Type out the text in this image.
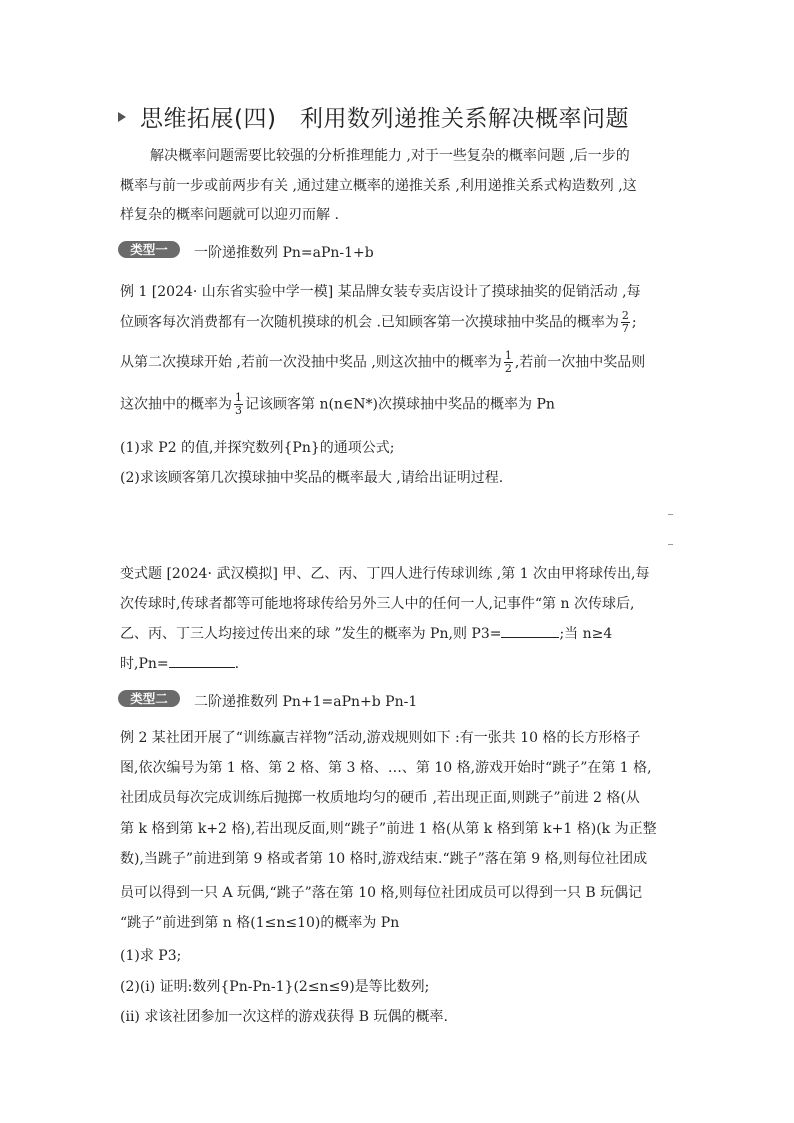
思维拓展(四)　利用数列递推关系解决概率问题
解决概率问题需要比较强的分析推理能力 ,对于一些复杂的概率问题 ,后一步的
概率与前一步或前两步有关 ,通过建立概率的递推关系 ,利用递推关系式构造数列 ,这
样复杂的概率问题就可以迎刃而解 .
类型一	一阶递推数列 Pn=aPn-1+b
例 1 [2024· 山东省实验中学一模] 某品牌女装专卖店设计了摸球抽奖的促销活动 ,每
位顾客每次消费都有一次随机摸球的机会 .已知顾客第一次摸球抽中奖品的概率为 $\frac{2}{7}$ ;
从第二次摸球开始 ,若前一次没抽中奖品 ,则这次抽中的概率为 $\frac{1}{2}$ ,若前一次抽中奖品则
这次抽中的概率为 $\frac{1}{3}$ 记该顾客第 n(n∈N*)次摸球抽中奖品的概率为 Pn
(1)求 P2 的值,并探究数列{Pn}的通项公式;
(2)求该顾客第几次摸球抽中奖品的概率最大 ,请给出证明过程.
变式题 [2024· 武汉模拟] 甲、乙、丙、丁四人进行传球训练 ,第 1 次由甲将球传出,每
次传球时,传球者都等可能地将球传给另外三人中的任何一人,记事件“第 n 次传球后,
乙、丙、丁三人均接过传出来的球 ”发生的概率为 Pn,则 P3=	;当 n≥4
时,Pn=	.
类型二	二阶递推数列 Pn+1=aPn+b Pn-1
例 2 某社团开展了“训练赢吉祥物”活动,游戏规则如下 :有一张共 10 格的长方形格子
图,依次编号为第 1 格、第 2 格、第 3 格、…、第 10 格,游戏开始时“跳子”在第 1 格,
社团成员每次完成训练后抛掷一枚质地均匀的硬币 ,若出现正面,则跳子”前进 2 格(从
第 k 格到第 k+2 格),若出现反面,则“跳子”前进 1 格(从第 k 格到第 k+1 格)(k 为正整
数),当跳子”前进到第 9 格或者第 10 格时,游戏结束.“跳子”落在第 9 格,则每位社团成
员可以得到一只 A 玩偶,“跳子”落在第 10 格,则每位社团成员可以得到一只 B 玩偶记
“跳子”前进到第 n 格(1≤n≤10)的概率为 Pn
(1)求 P3;
(2)(i) 证明:数列{Pn-Pn-1}(2≤n≤9)是等比数列;
(ii) 求该社团参加一次这样的游戏获得 B 玩偶的概率.
